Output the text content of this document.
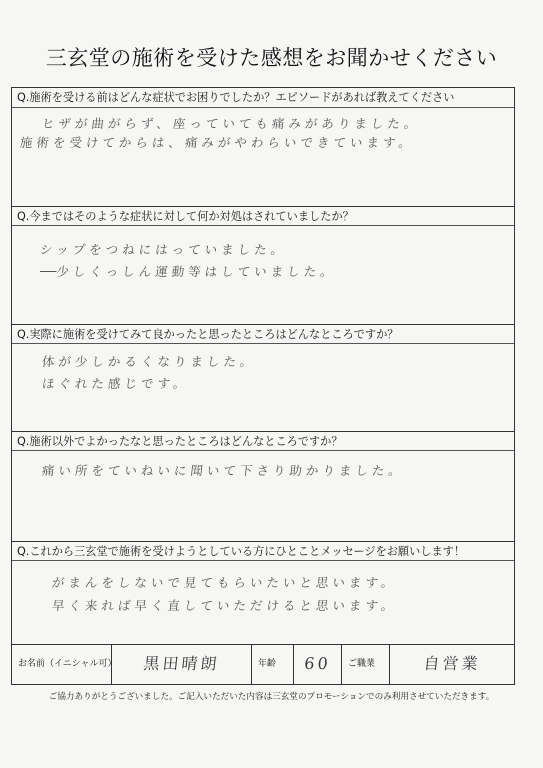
三玄堂の施術を受けた感想をお聞かせください
Q.施術を受ける前はどんな症状でお困りでしたか？エピソードがあれば教えてください
ヒザが曲がらず、座っていても痛みがありました。
施術を受けてからは、痛みがやわらいできています。
Q.今まではそのような症状に対して何か対処はされていましたか？
シップをつねにはっていました。
　少しくっしん運動等はしていました。
Q.実際に施術を受けてみて良かったと思ったところはどんなところですか？
体が少しかるくなりました。
ほぐれた感じです。
Q.施術以外でよかったなと思ったところはどんなところですか？
痛い所をていねいに聞いて下さり助かりました。
Q.これから三玄堂で施術を受けようとしている方にひとことメッセージをお願いします！
がまんをしないで見てもらいたいと思います。
早く来れば早く直していただけると思います。
お名前（イニシャル可）	黒田晴朗	年齢	60	ご職業	自営業
ご協力ありがとうございました。ご記入いただいた内容は三玄堂のプロモーションでのみ利用させていただきます。
